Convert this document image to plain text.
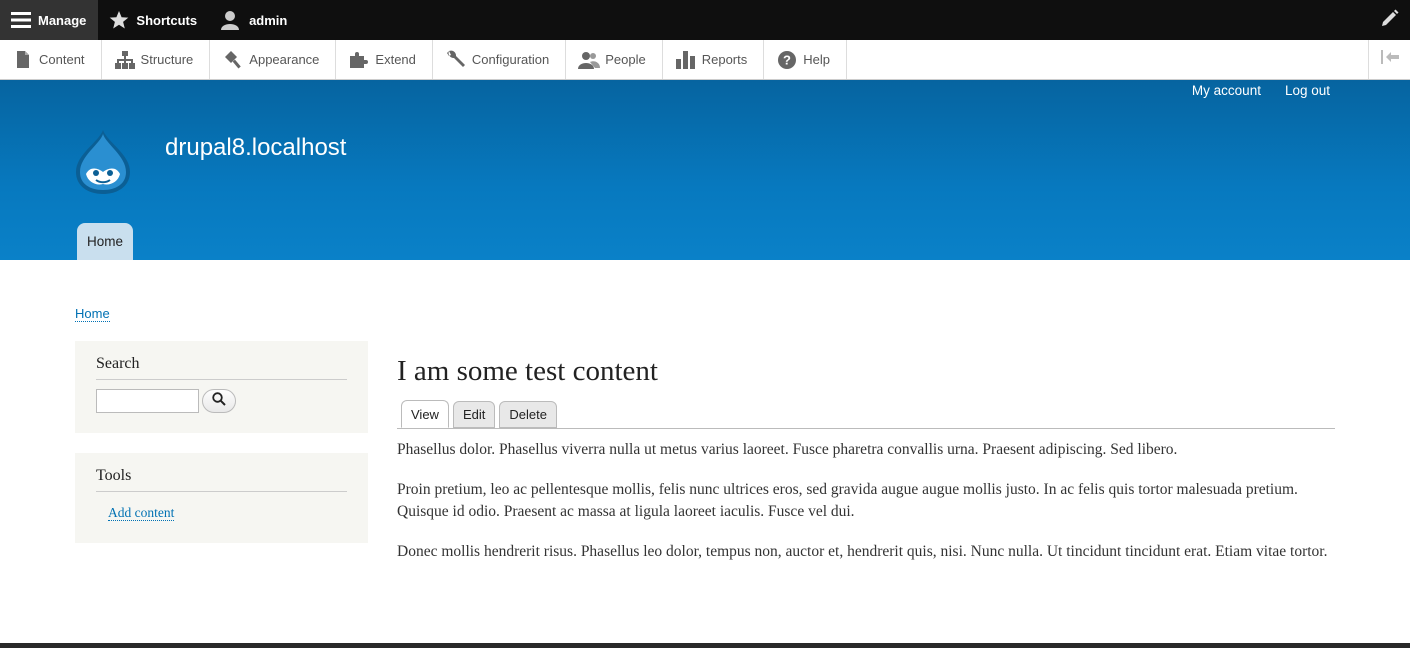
Manage	Shortcuts	admin
Content	Structure	Appearance	Extend	Configuration	People	Reports	? Help
My account Log out
drupal8.localhost
Home
Home
Search
Tools
Add content
I am some test content
View	Edit	Delete

Phasellus dolor. Phasellus viverra nulla ut metus varius laoreet. Fusce pharetra convallis urna. Praesent adipiscing. Sed libero.

Proin pretium, leo ac pellentesque mollis, felis nunc ultrices eros, sed gravida augue augue mollis justo. In ac felis quis tortor malesuada pretium. Quisque id odio. Praesent ac massa at ligula laoreet iaculis. Fusce vel dui.

Donec mollis hendrerit risus. Phasellus leo dolor, tempus non, auctor et, hendrerit quis, nisi. Nunc nulla. Ut tincidunt tincidunt erat. Etiam vitae tortor.
